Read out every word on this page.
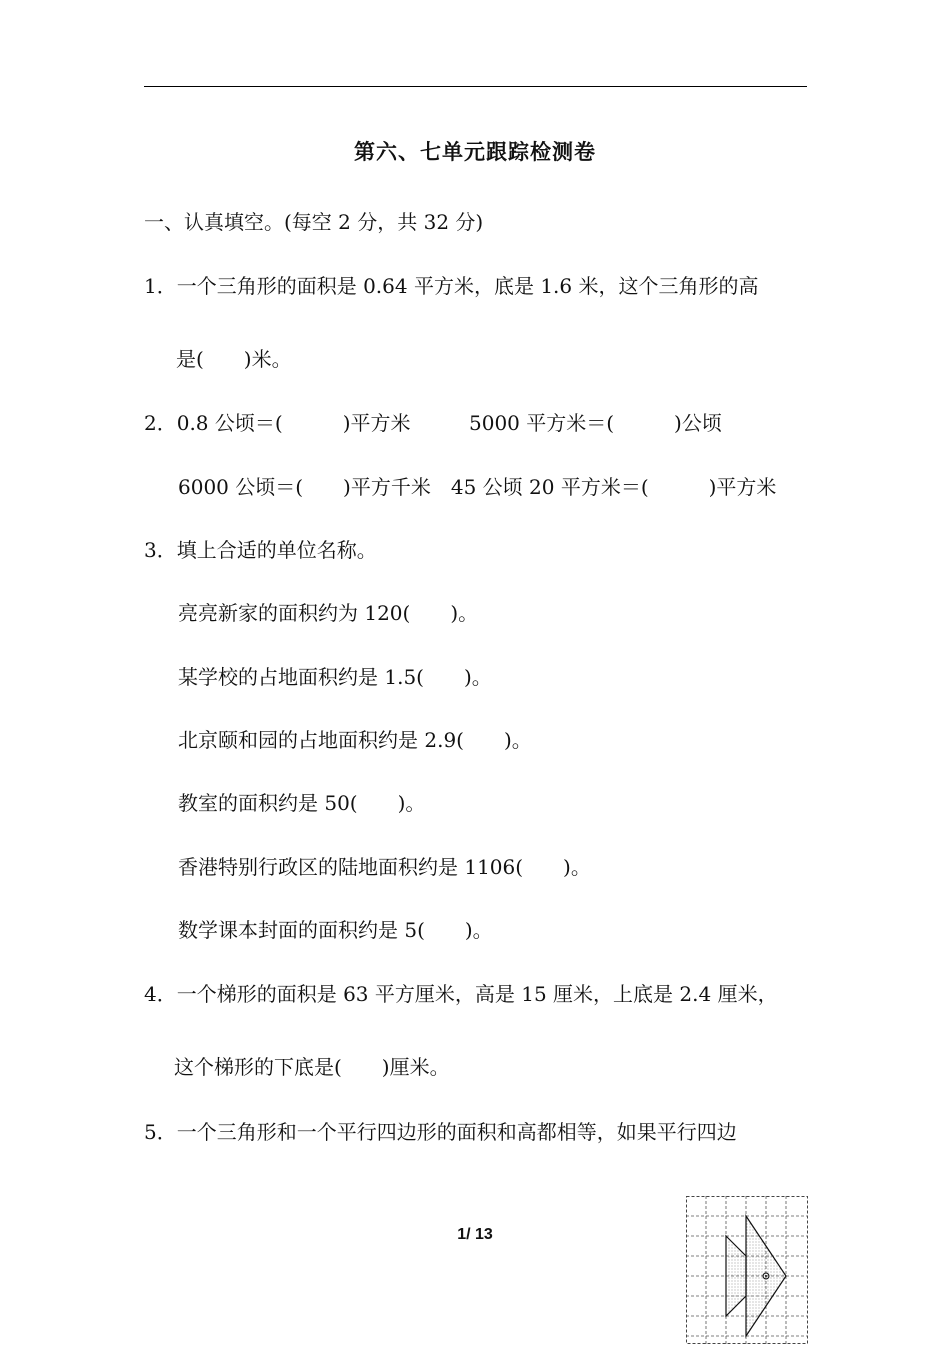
第六、七单元跟踪检测卷
一、认真填空。(每空 2 分，共 32 分)
1．一个三角形的面积是 0.64 平方米，底是 1.6 米，这个三角形的高
是(　　)米。
2．0.8 公顷＝(　　　)平方米	5000 平方米＝(　　　)公顷
6000 公顷＝(　　)平方千米　45 公顷 20 平方米＝(　　　)平方米
3．填上合适的单位名称。
亮亮新家的面积约为 120(　　)。
某学校的占地面积约是 1.5(　　)。
北京颐和园的占地面积约是 2.9(　　)。
教室的面积约是 50(　　)。
香港特别行政区的陆地面积约是 1106(　　)。
数学课本封面的面积约是 5(　　)。
4．一个梯形的面积是 63 平方厘米，高是 15 厘米，上底是 2.4 厘米，
这个梯形的下底是(　　)厘米。
5．一个三角形和一个平行四边形的面积和高都相等，如果平行四边
1/ 13
